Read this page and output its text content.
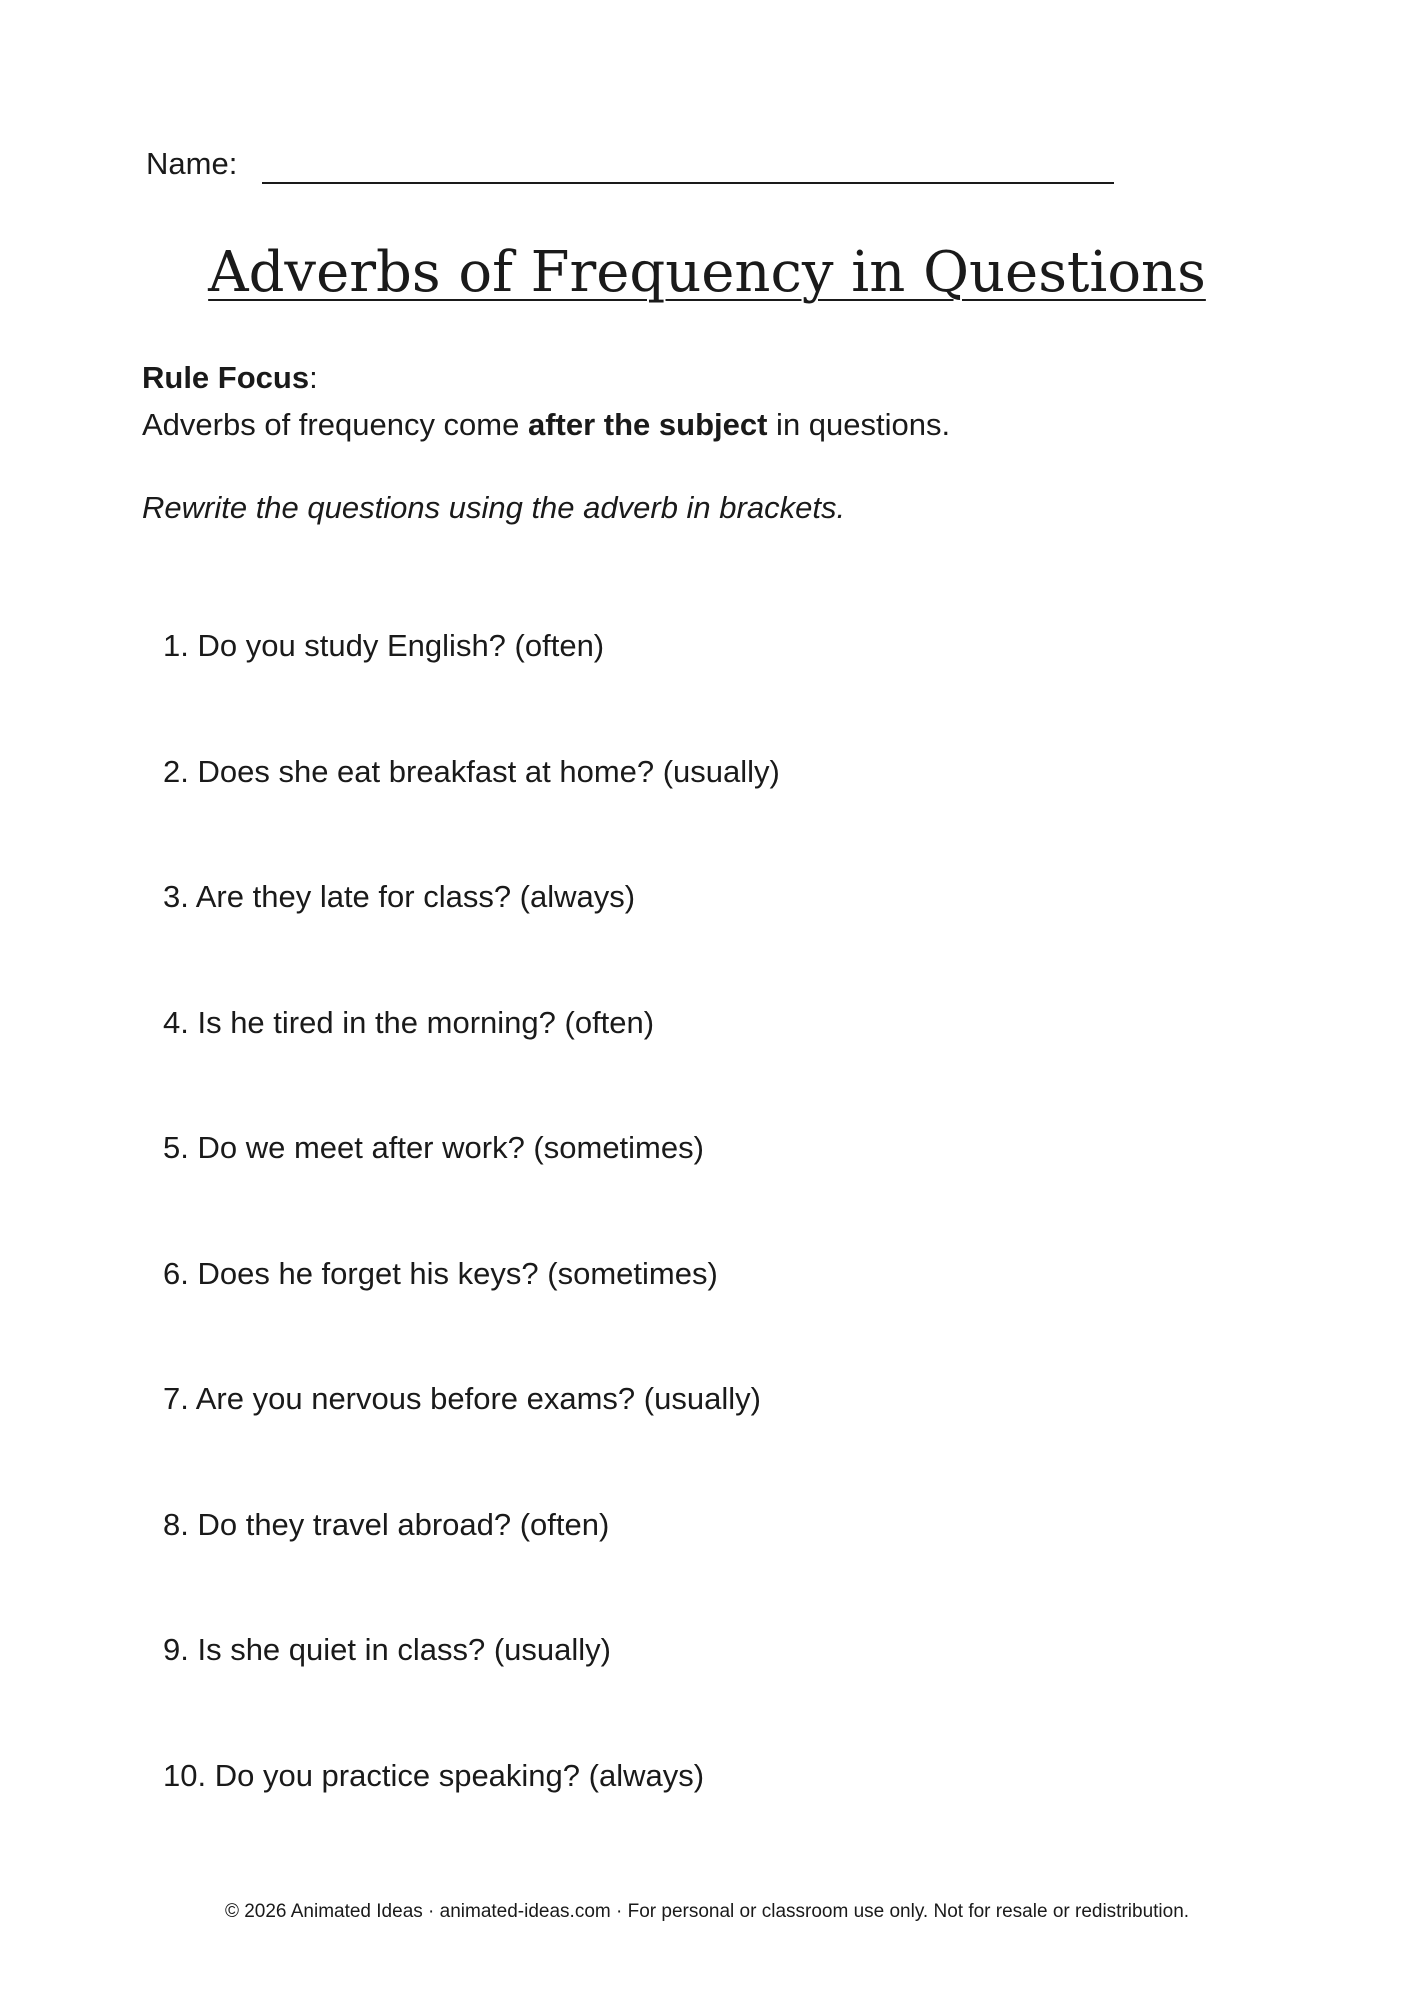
Name:
Adverbs of Frequency in Questions
Rule Focus:
Adverbs of frequency come after the subject in questions.
Rewrite the questions using the adverb in brackets.
1. Do you study English? (often)
2. Does she eat breakfast at home? (usually)
3. Are they late for class? (always)
4. Is he tired in the morning? (often)
5. Do we meet after work? (sometimes)
6. Does he forget his keys? (sometimes)
7. Are you nervous before exams? (usually)
8. Do they travel abroad? (often)
9. Is she quiet in class? (usually)
10. Do you practice speaking? (always)
© 2026 Animated Ideas · animated-ideas.com · For personal or classroom use only. Not for resale or redistribution.
